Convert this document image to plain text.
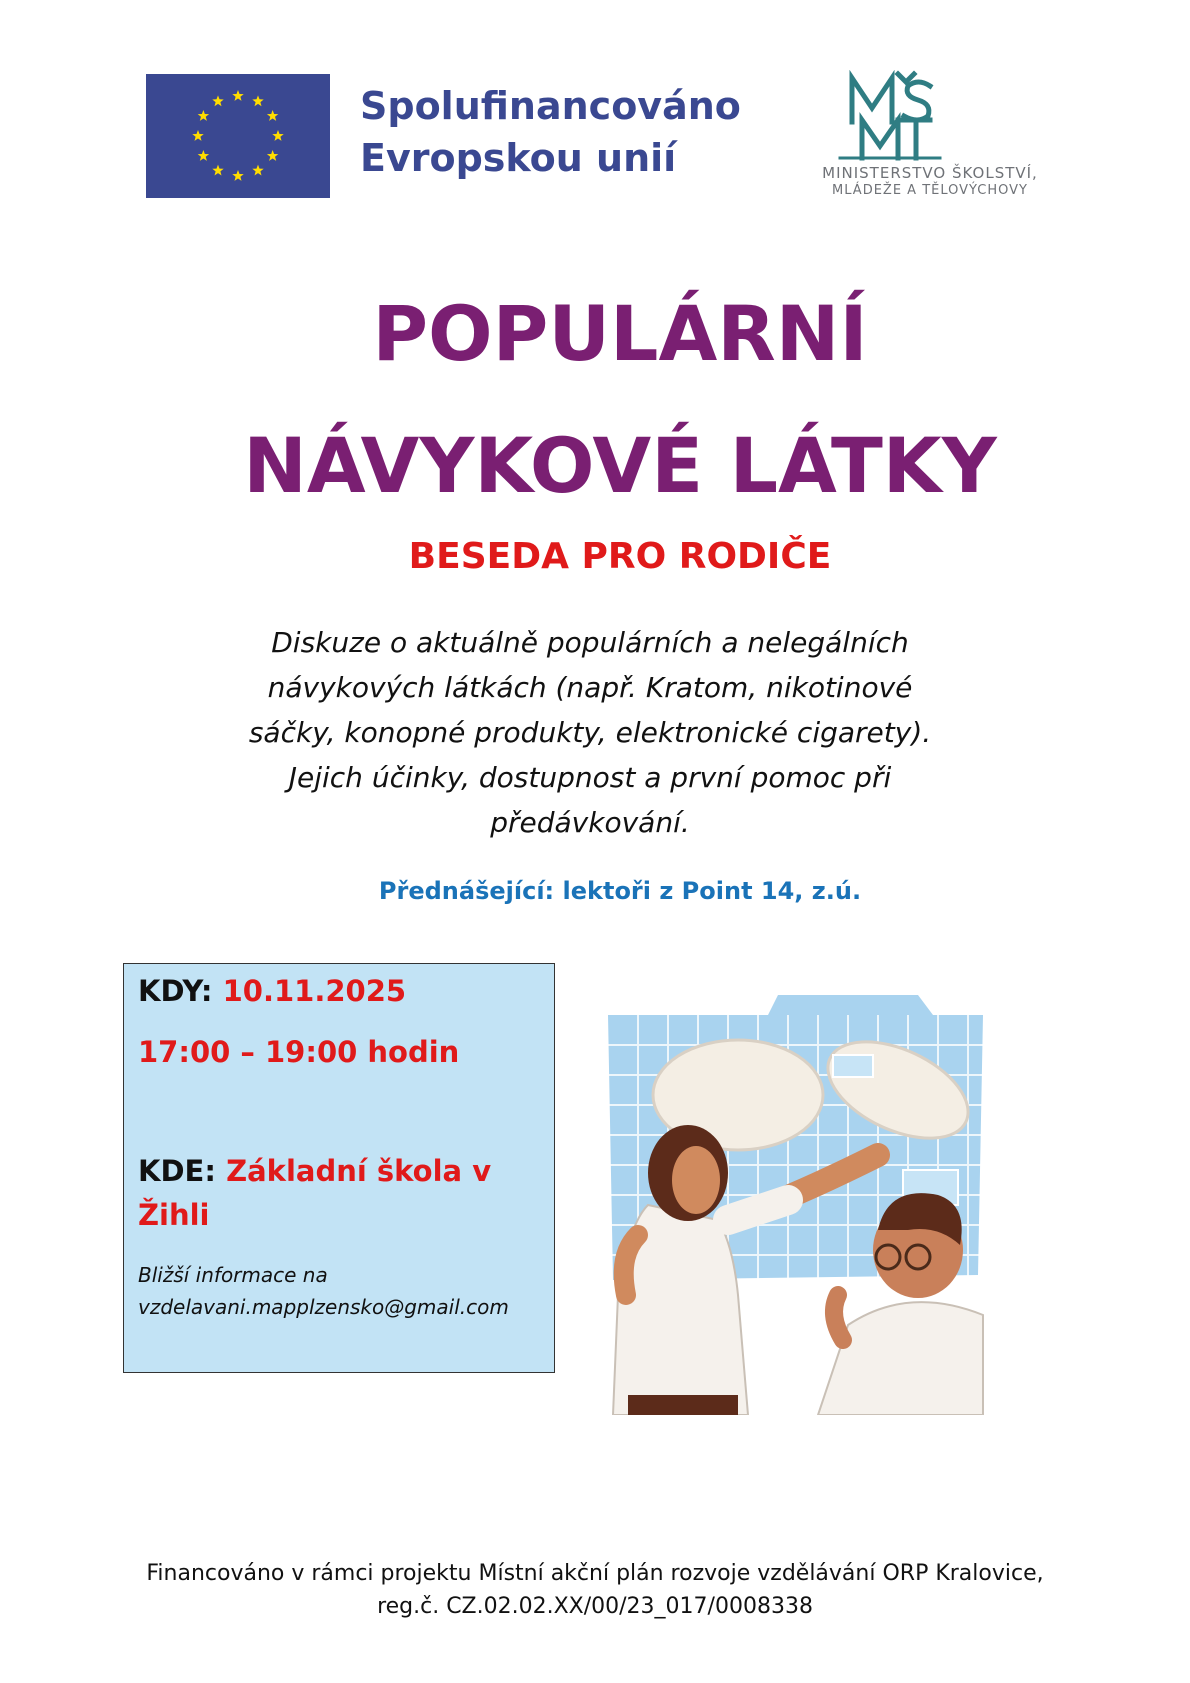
Spolufinancováno
Evropskou unií	MINISTERSTVO ŠKOLSTVÍ,
MLÁDEŽE A TĚLOVÝCHOVY
POPULÁRNÍ
NÁVYKOVÉ LÁTKY
BESEDA PRO RODIČE
Diskuze o aktuálně populárních a nelegálních
návykových látkách (např. Kratom, nikotinové
sáčky, konopné produkty, elektronické cigarety).
Jejich účinky, dostupnost a první pomoc při
předávkování.
Přednášející: lektoři z Point 14, z.ú.
KDY: 10.11.2025
17:00 – 19:00 hodin
KDE: Základní škola v
Žihli
Bližší informace na
vzdelavani.mapplzensko@gmail.com
Financováno v rámci projektu Místní akční plán rozvoje vzdělávání ORP Kralovice,
reg.č. CZ.02.02.XX/00/23_017/0008338
